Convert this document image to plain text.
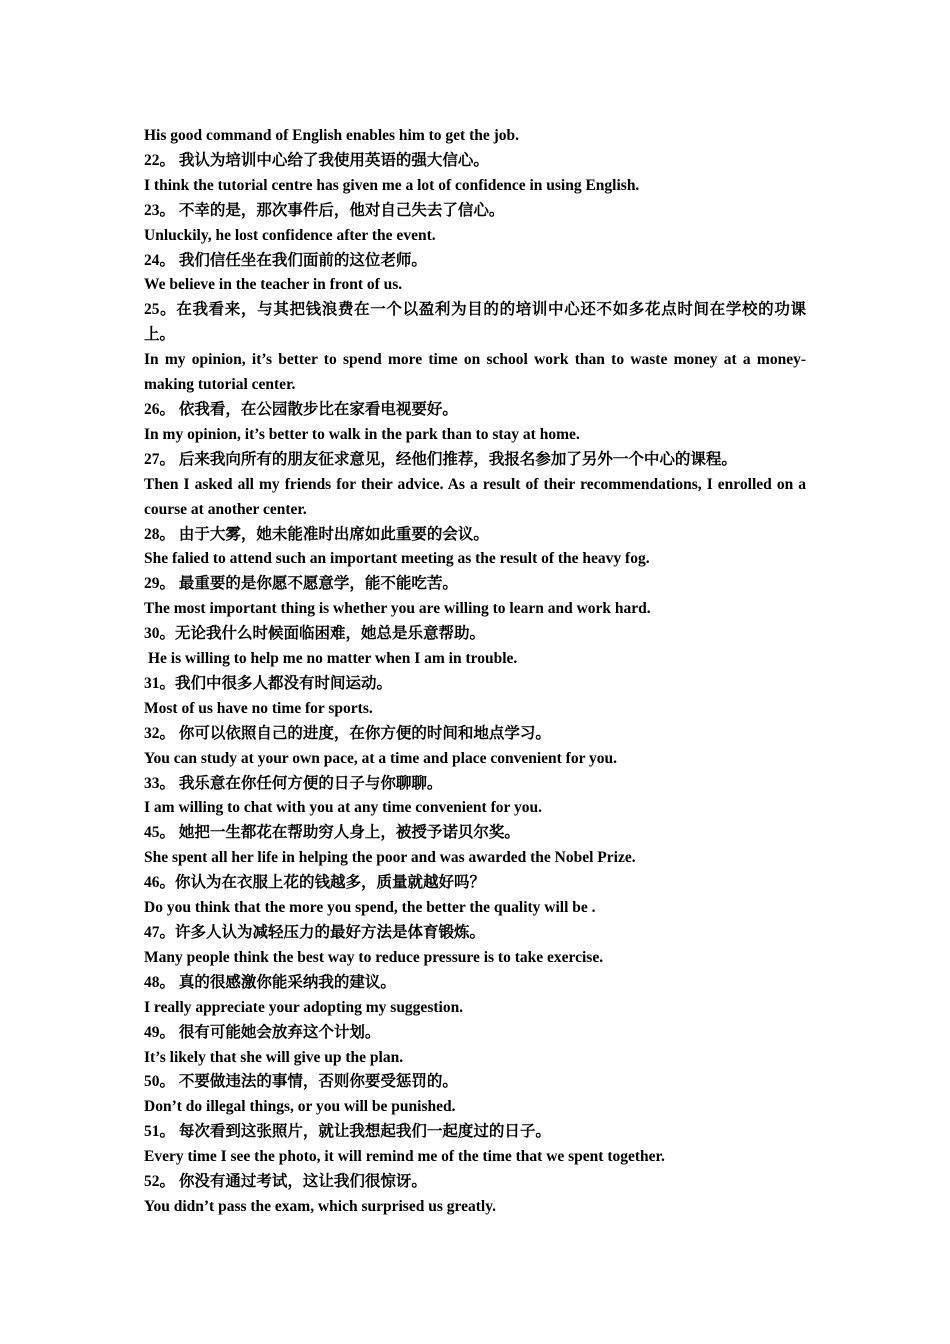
His good command of English enables him to get the job.
22。 我认为培训中心给了我使用英语的强大信心。
I think the tutorial centre has given me a lot of confidence in using English.
23。 不幸的是，那次事件后，他对自己失去了信心。
Unluckily, he lost confidence after the event.
24。 我们信任坐在我们面前的这位老师。
We believe in the teacher in front of us.
25。在我看来，与其把钱浪费在一个以盈利为目的的培训中心还不如多花点时间在学校的功课上。
In my opinion, it’s better to spend more time on school work than to waste money at a money-making tutorial center.
26。 依我看，在公园散步比在家看电视要好。
In my opinion, it’s better to walk in the park than to stay at home.
27。 后来我向所有的朋友征求意见，经他们推荐，我报名参加了另外一个中心的课程。
Then I asked all my friends for their advice. As a result of their recommendations, I enrolled on a course at another center.
28。 由于大雾，她未能准时出席如此重要的会议。
She falied to attend such an important meeting as the result of the heavy fog.
29。 最重要的是你愿不愿意学，能不能吃苦。
The most important thing is whether you are willing to learn and work hard.
30。无论我什么时候面临困难，她总是乐意帮助。
He is willing to help me no matter when I am in trouble.
31。我们中很多人都没有时间运动。
Most of us have no time for sports.
32。 你可以依照自己的进度，在你方便的时间和地点学习。
You can study at your own pace, at a time and place convenient for you.
33。 我乐意在你任何方便的日子与你聊聊。
I am willing to chat with you at any time convenient for you.
45。 她把一生都花在帮助穷人身上，被授予诺贝尔奖。
She spent all her life in helping the poor and was awarded the Nobel Prize.
46。你认为在衣服上花的钱越多，质量就越好吗？
Do you think that the more you spend, the better the quality will be .
47。许多人认为减轻压力的最好方法是体育锻炼。
Many people think the best way to reduce pressure is to take exercise.
48。 真的很感激你能采纳我的建议。
I really appreciate your adopting my suggestion.
49。 很有可能她会放弃这个计划。
It’s likely that she will give up the plan.
50。 不要做违法的事情，否则你要受惩罚的。
Don’t do illegal things, or you will be punished.
51。 每次看到这张照片，就让我想起我们一起度过的日子。
Every time I see the photo, it will remind me of the time that we spent together.
52。 你没有通过考试，这让我们很惊讶。
You didn’t pass the exam, which surprised us greatly.
